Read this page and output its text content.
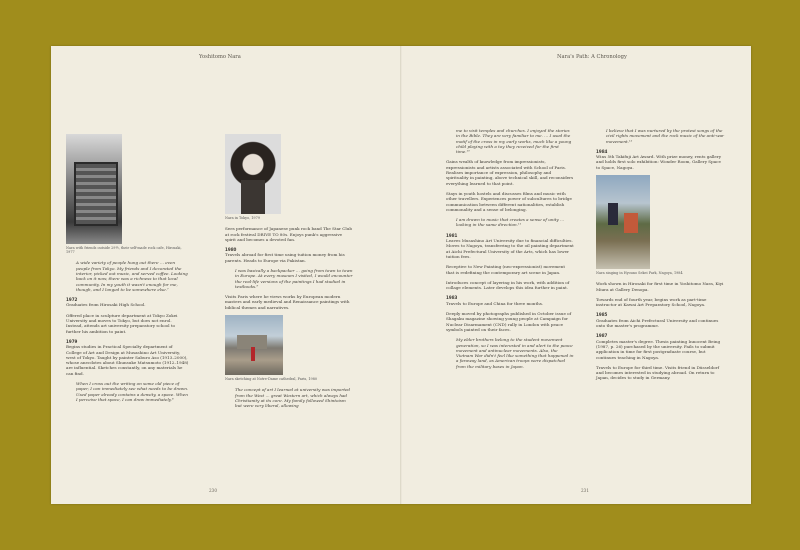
Yoshitomo Nara	Nara's Path: A Chronology
230	231
Nara with friends outside 29½, their self-made rock cafe, Hirosaki, 1977

A wide variety of people hung out there … even people from Tokyo. My friends and I decorated the interior, picked out music, and served coffee. Looking back on it now, there was a richness to that local community. In my youth it wasn't enough for me, though, and I longed to be somewhere else.⁷

1972

Graduates from Hirosaki High School.

Offered place in sculpture department at Tokyo Zokei University and moves to Tokyo, but does not enrol. Instead, attends art university preparatory school to further his ambition to paint.

1979

Begins studies in Practical Specialty department of College of Art and Design at Musashino Art University, west of Tokyo. Taught by painter Saburo Aso (1913–2000), whose anecdotes about Shunsuke Matsumoto (1912–1948) are influential. Sketches constantly, on any materials he can find.

When I cross out the writing on some old piece of paper, I can immediately see what needs to be drawn. Used paper already contains a density, a space. When I perceive that space, I can draw immediately.⁸

Nara in Tokyo, 1979

Sees performance of Japanese punk rock band The Star Club at rock festival DRIVE TO 80s. Enjoys punk's aggressive spirit and becomes a devoted fan.

1980

Travels abroad for first time using tuition money from his parents. Heads to Europe via Pakistan.

I was basically a backpacker … going from town to town in Europe. At every museum I visited, I would encounter the real-life versions of the paintings I had studied in textbooks.⁹

Visits Paris where he views works by European modern masters and early medieval and Renaissance paintings with biblical themes and narratives.

Nara sketching at Notre-Dame cathedral, Paris, 1980

The concept of art I learned at university was imported from the West … great Western art, which always had Christianity at its core. My family followed Shintoism but were very liberal, allowing

me to visit temples and churches. I enjoyed the stories in the Bible. They are very familiar to me. … I used the motif of the cross in my early works, much like a young child playing with a toy they received for the first time.¹⁰

Gains wealth of knowledge from impressionists, expressionists and artists associated with School of Paris. Realises importance of expression, philosophy and spirituality in painting, above technical skill, and reconsiders everything learned to that point.

Stays in youth hostels and discusses films and music with other travellers. Experiences power of subcultures to bridge communication between different nationalities, establish commonality and a sense of belonging.

I am drawn to music that creates a sense of unity … looking in the same direction.¹¹

1981

Leaves Musashino Art University due to financial difficulties. Moves to Nagoya, transferring to the oil painting department at Aichi Prefectural University of the Arts, which has lower tuition fees.

Receptive to New Painting (neo-expressionist) movement that is redefining the contemporary art scene in Japan.

Introduces concept of layering in his work, with addition of collage elements. Later develops this idea further in paint.

1983

Travels to Europe and China for three months.

Deeply moved by photographs published in October issue of Shagaku magazine showing young people at Campaign for Nuclear Disarmament (CND) rally in London with peace symbols painted on their faces.

My elder brothers belong to the student movement generation, so I was interested in and alert to the peace movement and antinuclear movements. Also, the Vietnam War didn't feel like something that happened in a faraway land, as American troops were dispatched from the military bases in Japan.

I believe that I was nurtured by the protest songs of the civil rights movement and the rock music of the anti-war movement.¹²

1984

Wins 5th Takifuji Art Award. With prize money, rents gallery and holds first solo exhibition: Wonder Room, Gallery Space to Space, Nagoya.

Nara singing in Hyouno Sekei Park, Nagoya, 1984

Work shown in Hirosaki for first time in Yoshitomo Nara, Kiyi Miura at Gallery Denopa.

Towards end of fourth year, begins work as part-time instructor at Kawai Art Preparatory School, Nagoya.

1985

Graduates from Aichi Prefectural University and continues onto the master's programme.

1987

Completes master's degree. Thesis painting Innocent Being (1987, p. 26) purchased by the university. Fails to submit application in time for first postgraduate course, but continues teaching in Nagoya.

Travels to Europe for third time. Visits friend in Düsseldorf and becomes interested in studying abroad. On return to Japan, decides to study in Germany.
